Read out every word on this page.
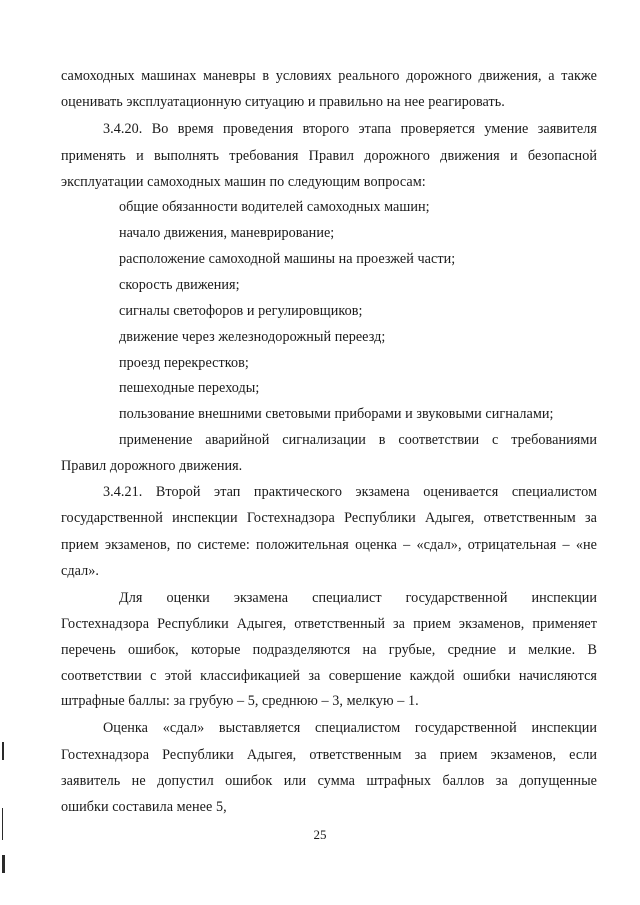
самоходных машинах маневры в условиях реального дорожного движения, а также
оценивать эксплуатационную ситуацию и правильно на нее реагировать.
3.4.20. Во время проведения второго этапа проверяется умение заявителя
применять и выполнять требования Правил дорожного движения и безопасной
эксплуатации самоходных машин по следующим вопросам:
общие обязанности водителей самоходных машин;
начало движения, маневрирование;
расположение самоходной машины на проезжей части;
скорость движения;
сигналы светофоров и регулировщиков;
движение через железнодорожный переезд;
проезд перекрестков;
пешеходные переходы;
пользование внешними световыми приборами и звуковыми сигналами;
применение аварийной сигнализации в соответствии с требованиями
Правил дорожного движения.
3.4.21. Второй этап практического экзамена оценивается специалистом
государственной инспекции Гостехнадзора Республики Адыгея, ответственным за
прием экзаменов, по системе: положительная оценка – «сдал», отрицательная – «не
сдал».
Для оценки экзамена специалист государственной инспекции
Гостехнадзора Республики Адыгея, ответственный за прием экзаменов, применяет
перечень ошибок, которые подразделяются на грубые, средние и мелкие. В
соответствии с этой классификацией за совершение каждой ошибки начисляются
штрафные баллы: за грубую – 5, среднюю – 3, мелкую – 1.
Оценка «сдал» выставляется специалистом государственной инспекции
Гостехнадзора Республики Адыгея, ответственным за прием экзаменов, если
заявитель не допустил ошибок или сумма штрафных баллов за допущенные
ошибки составила менее 5,
25
